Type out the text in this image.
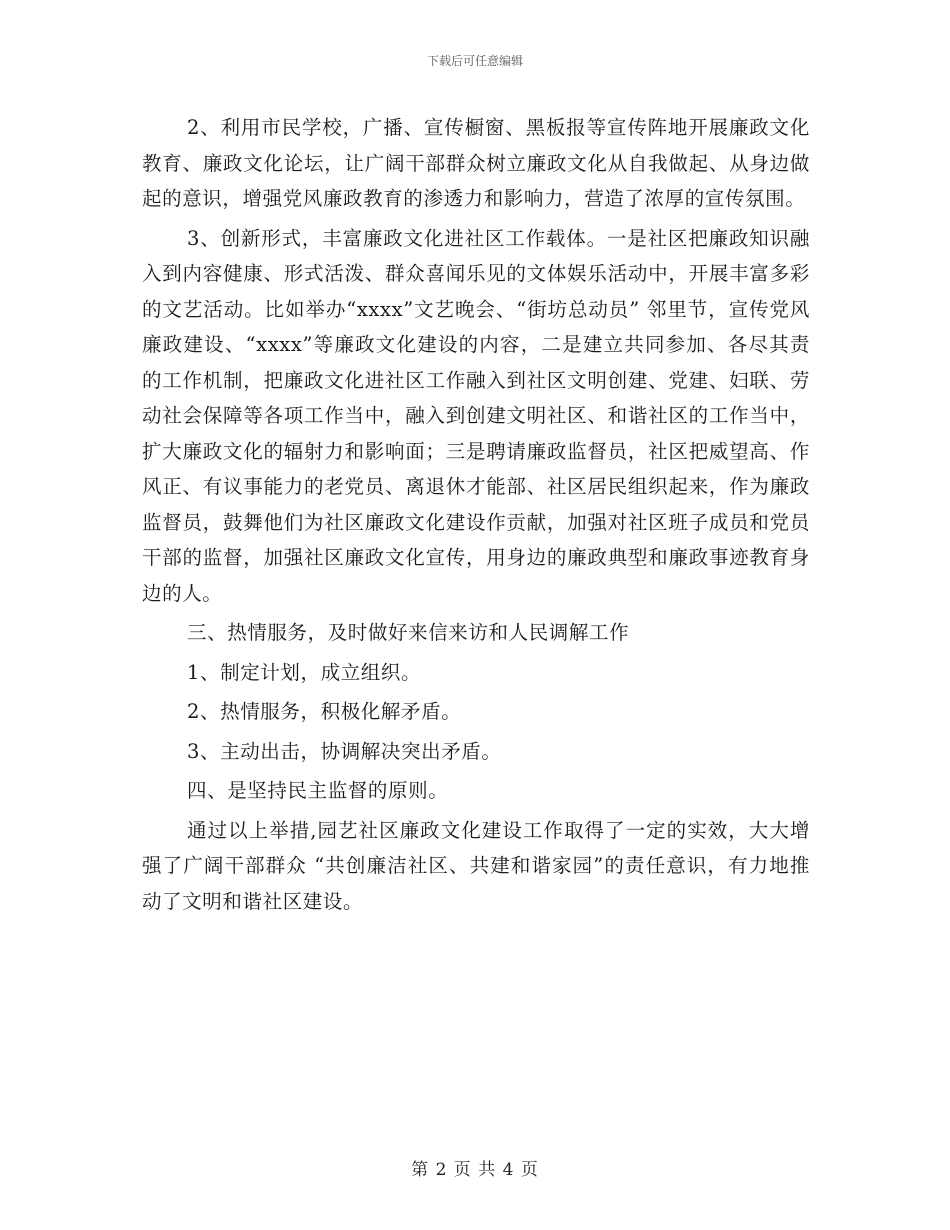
下载后可任意编辑

2、利用市民学校，广播、宣传橱窗、黑板报等宣传阵地开展廉政文化教育、廉政文化论坛，让广阔干部群众树立廉政文化从自我做起、从身边做起的意识，增强党风廉政教育的渗透力和影响力，营造了浓厚的宣传氛围。

3、创新形式，丰富廉政文化进社区工作载体。一是社区把廉政知识融入到内容健康、形式活泼、群众喜闻乐见的文体娱乐活动中，开展丰富多彩的文艺活动。比如举办“xxxx”文艺晚会、“街坊总动员” 邻里节，宣传党风廉政建设、“xxxx”等廉政文化建设的内容，二是建立共同参加、各尽其责的工作机制，把廉政文化进社区工作融入到社区文明创建、党建、妇联、劳动社会保障等各项工作当中，融入到创建文明社区、和谐社区的工作当中，扩大廉政文化的辐射力和影响面；三是聘请廉政监督员，社区把威望高、作风正、有议事能力的老党员、离退休才能部、社区居民组织起来，作为廉政监督员，鼓舞他们为社区廉政文化建设作贡献，加强对社区班子成员和党员干部的监督，加强社区廉政文化宣传，用身边的廉政典型和廉政事迹教育身边的人。

三、热情服务，及时做好来信来访和人民调解工作

1、制定计划，成立组织。

2、热情服务，积极化解矛盾。

3、主动出击，协调解决突出矛盾。

四、是坚持民主监督的原则。

通过以上举措,园艺社区廉政文化建设工作取得了一定的实效，大大增强了广阔干部群众 “共创廉洁社区、共建和谐家园”的责任意识，有力地推动了文明和谐社区建设。

第 2 页 共 4 页
